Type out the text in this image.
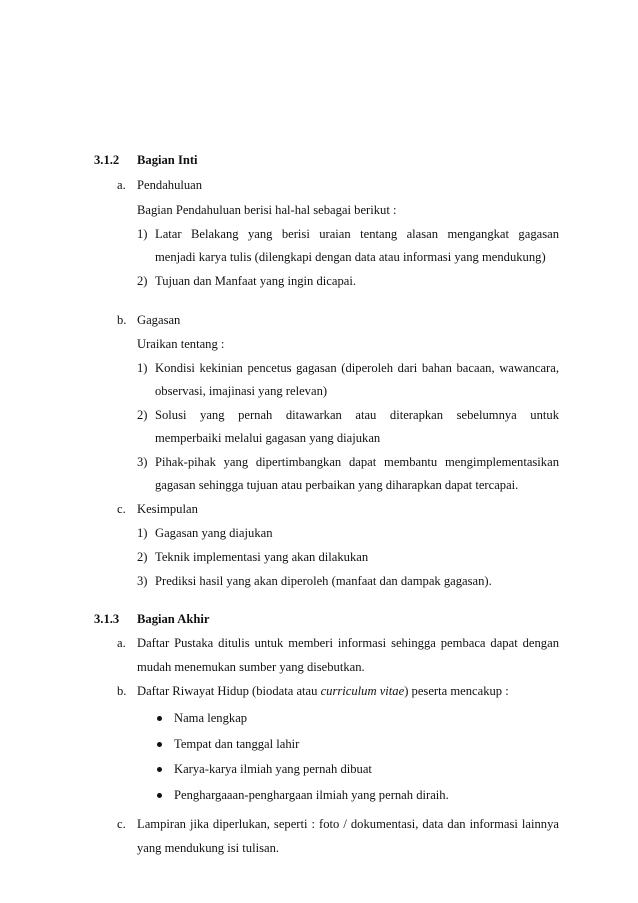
3.1.2 Bagian Inti
a. Pendahuluan
Bagian Pendahuluan berisi hal-hal sebagai berikut :
1) Latar Belakang yang berisi uraian tentang alasan mengangkat gagasan
menjadi karya tulis (dilengkapi dengan data atau informasi yang mendukung)
2) Tujuan dan Manfaat yang ingin dicapai.
b. Gagasan
Uraikan tentang :
1) Kondisi kekinian pencetus gagasan (diperoleh dari bahan bacaan, wawancara,
observasi, imajinasi yang relevan)
2) Solusi yang pernah ditawarkan atau diterapkan sebelumnya untuk
memperbaiki melalui gagasan yang diajukan
3) Pihak-pihak yang dipertimbangkan dapat membantu mengimplementasikan
gagasan sehingga tujuan atau perbaikan yang diharapkan dapat tercapai.
c. Kesimpulan
1) Gagasan yang diajukan
2) Teknik implementasi yang akan dilakukan
3) Prediksi hasil yang akan diperoleh (manfaat dan dampak gagasan).
3.1.3 Bagian Akhir
a. Daftar Pustaka ditulis untuk memberi informasi sehingga pembaca dapat dengan
mudah menemukan sumber yang disebutkan.
b. Daftar Riwayat Hidup (biodata atau curriculum vitae) peserta mencakup :
Nama lengkap
Tempat dan tanggal lahir
Karya-karya ilmiah yang pernah dibuat
Penghargaaan-penghargaan ilmiah yang pernah diraih.
c. Lampiran jika diperlukan, seperti : foto / dokumentasi, data dan informasi lainnya
yang mendukung isi tulisan.
